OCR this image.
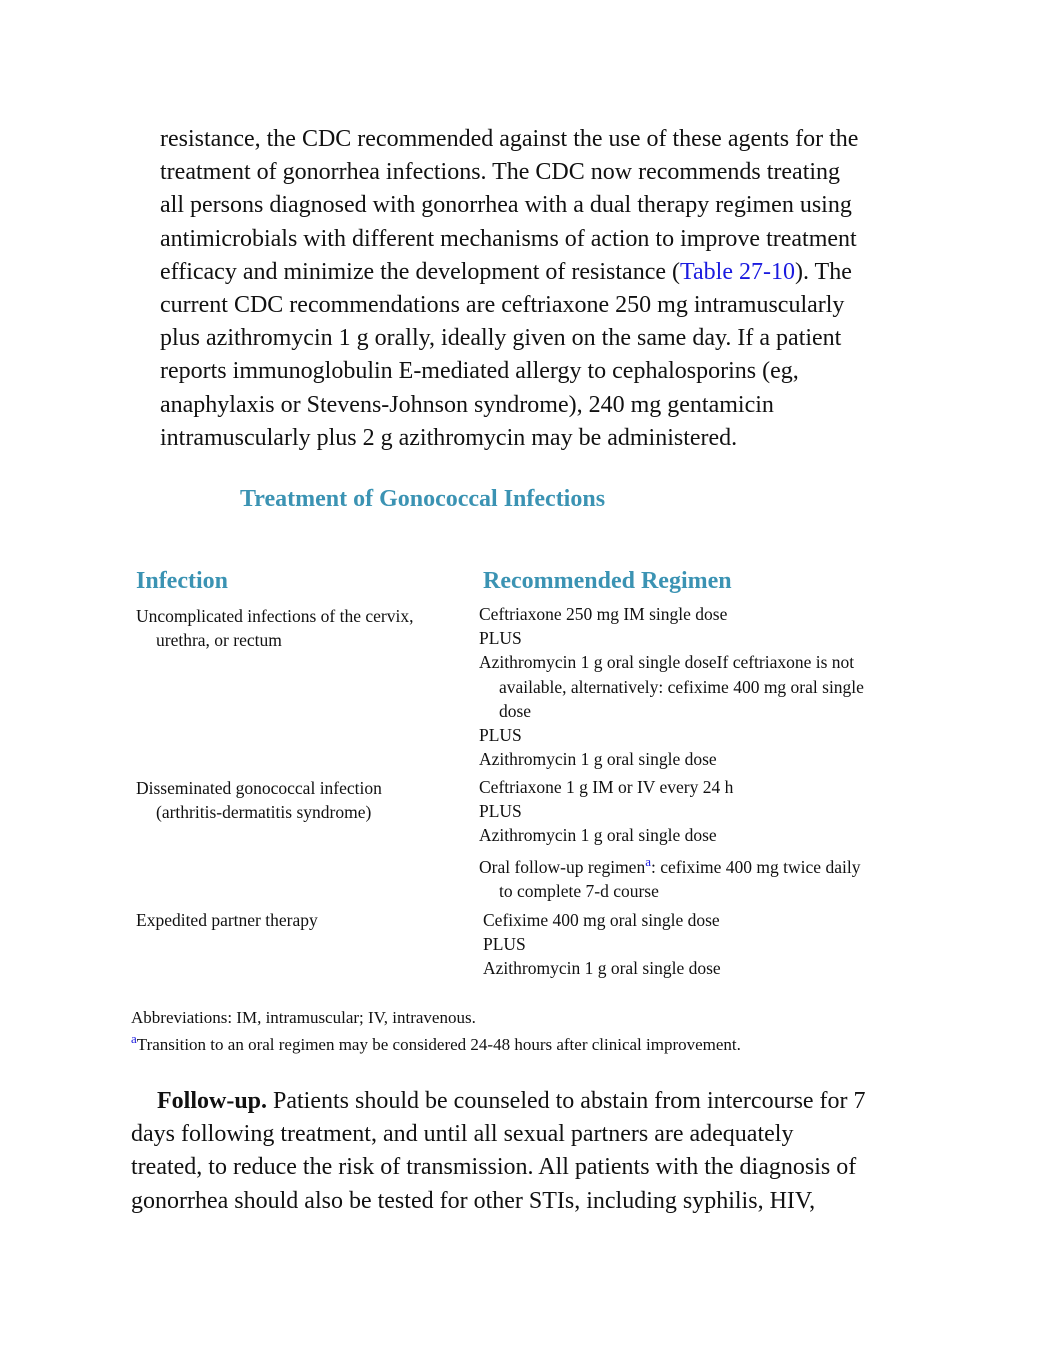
resistance, the CDC recommended against the use of these agents for the
treatment of gonorrhea infections. The CDC now recommends treating
all persons diagnosed with gonorrhea with a dual therapy regimen using
antimicrobials with different mechanisms of action to improve treatment
efficacy and minimize the development of resistance (Table 27-10). The
current CDC recommendations are ceftriaxone 250 mg intramuscularly
plus azithromycin 1 g orally, ideally given on the same day. If a patient
reports immunoglobulin E-mediated allergy to cephalosporins (eg,
anaphylaxis or Stevens-Johnson syndrome), 240 mg gentamicin
intramuscularly plus 2 g azithromycin may be administered.
Treatment of Gonococcal Infections
Infection	Recommended Regimen
Uncomplicated infections of the cervix,
urethra, or rectum
Ceftriaxone 250 mg IM single dose
PLUS
Azithromycin 1 g oral single doseIf ceftriaxone is not
available, alternatively: cefixime 400 mg oral single
dose
PLUS
Azithromycin 1 g oral single dose
Disseminated gonococcal infection
(arthritis-dermatitis syndrome)
Ceftriaxone 1 g IM or IV every 24 h
PLUS
Azithromycin 1 g oral single dose
Oral follow-up regimen$^a$: cefixime 400 mg twice daily
to complete 7-d course
Expedited partner therapy	Cefixime 400 mg oral single dose
PLUS
Azithromycin 1 g oral single dose
Abbreviations: IM, intramuscular; IV, intravenous.
$^a$Transition to an oral regimen may be considered 24-48 hours after clinical improvement.
Follow-up. Patients should be counseled to abstain from intercourse for 7
days following treatment, and until all sexual partners are adequately
treated, to reduce the risk of transmission. All patients with the diagnosis of
gonorrhea should also be tested for other STIs, including syphilis, HIV,
